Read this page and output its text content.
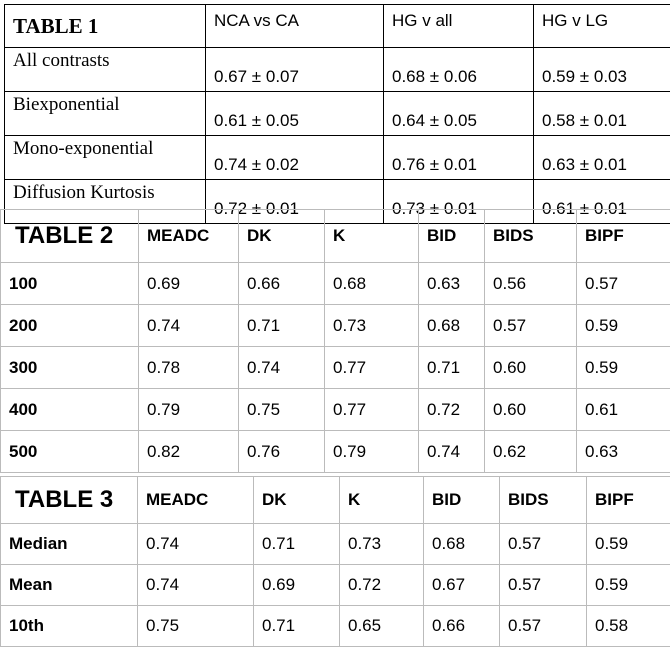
TABLE 1	NCA vs CA	HG v all	HG v LG
All contrasts	0.67 ± 0.07	0.68 ± 0.06	0.59 ± 0.03
Biexponential	0.61 ± 0.05	0.64 ± 0.05	0.58 ± 0.01
Mono-exponential	0.74 ± 0.02	0.76 ± 0.01	0.63 ± 0.01
Diffusion Kurtosis	0.72 ± 0.01	0.73 ± 0.01	0.61 ± 0.01
TABLE 2	MEADC	DK	K	BID	BIDS	BIPF
100	0.69	0.66	0.68	0.63	0.56	0.57
200	0.74	0.71	0.73	0.68	0.57	0.59
300	0.78	0.74	0.77	0.71	0.60	0.59
400	0.79	0.75	0.77	0.72	0.60	0.61
500	0.82	0.76	0.79	0.74	0.62	0.63
TABLE 3	MEADC	DK	K	BID	BIDS	BIPF
Median	0.74	0.71	0.73	0.68	0.57	0.59
Mean	0.74	0.69	0.72	0.67	0.57	0.59
10th	0.75	0.71	0.65	0.66	0.57	0.58
